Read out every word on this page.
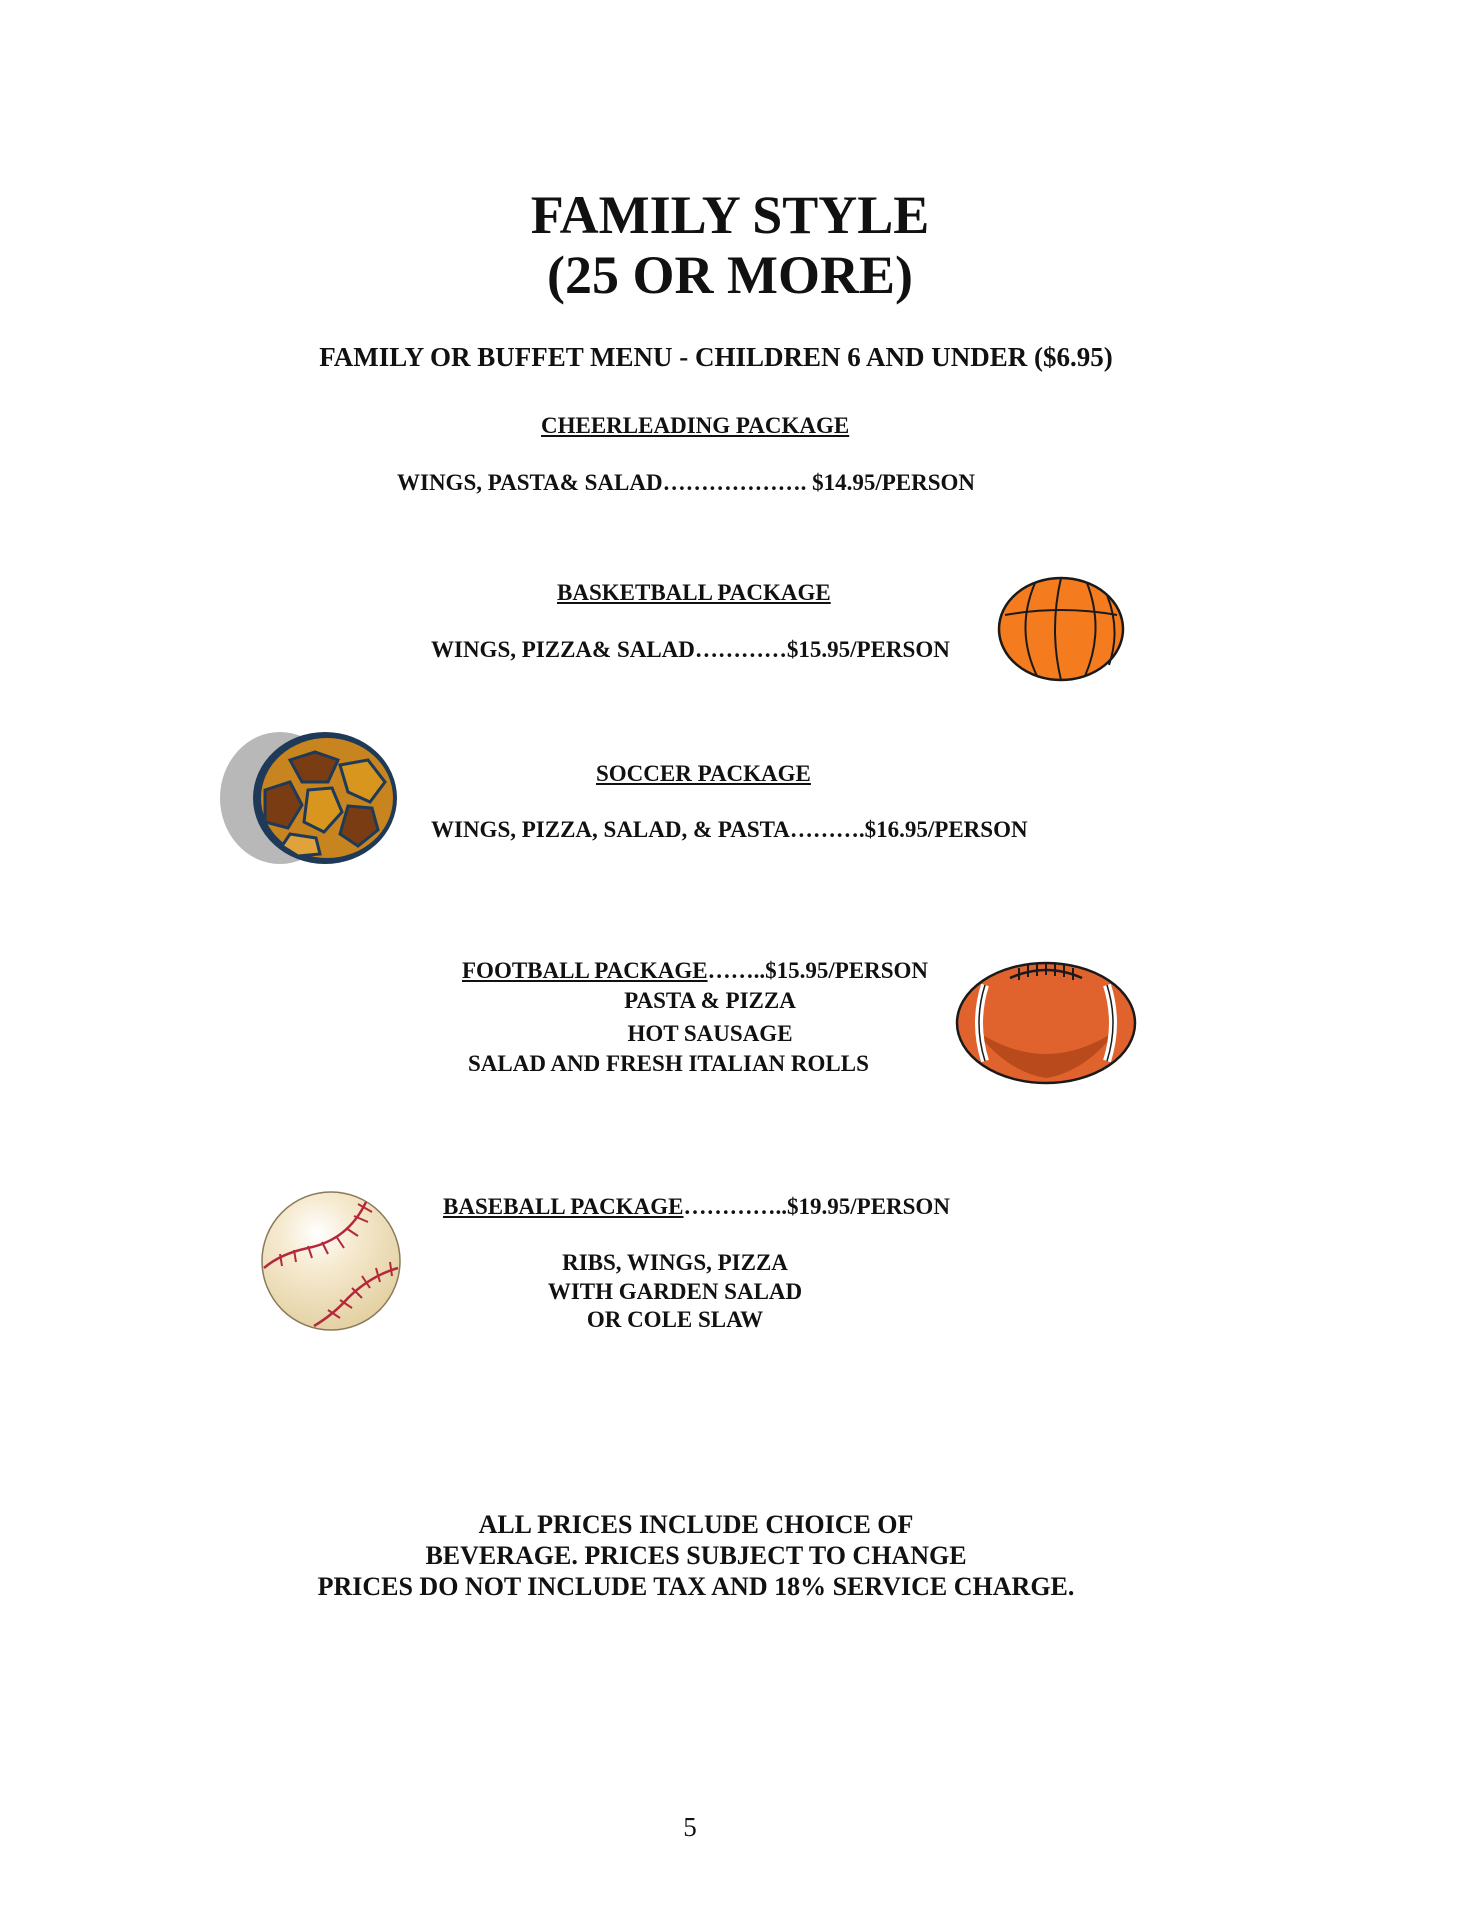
FAMILY STYLE
(25 OR MORE)
FAMILY OR BUFFET MENU - CHILDREN 6 AND UNDER ($6.95)
CHEERLEADING PACKAGE
WINGS, PASTA& SALAD………………. $14.95/PERSON
BASKETBALL PACKAGE
WINGS, PIZZA& SALAD…………$15.95/PERSON
SOCCER PACKAGE
WINGS, PIZZA, SALAD, & PASTA……….$16.95/PERSON
FOOTBALL PACKAGE……..$15.95/PERSON
PASTA & PIZZA
HOT SAUSAGE
SALAD AND FRESH ITALIAN ROLLS
BASEBALL PACKAGE…………..$19.95/PERSON
RIBS, WINGS, PIZZA
WITH GARDEN SALAD
OR COLE SLAW
ALL PRICES INCLUDE CHOICE OF
BEVERAGE. PRICES SUBJECT TO CHANGE
PRICES DO NOT INCLUDE TAX AND 18% SERVICE CHARGE.
5
